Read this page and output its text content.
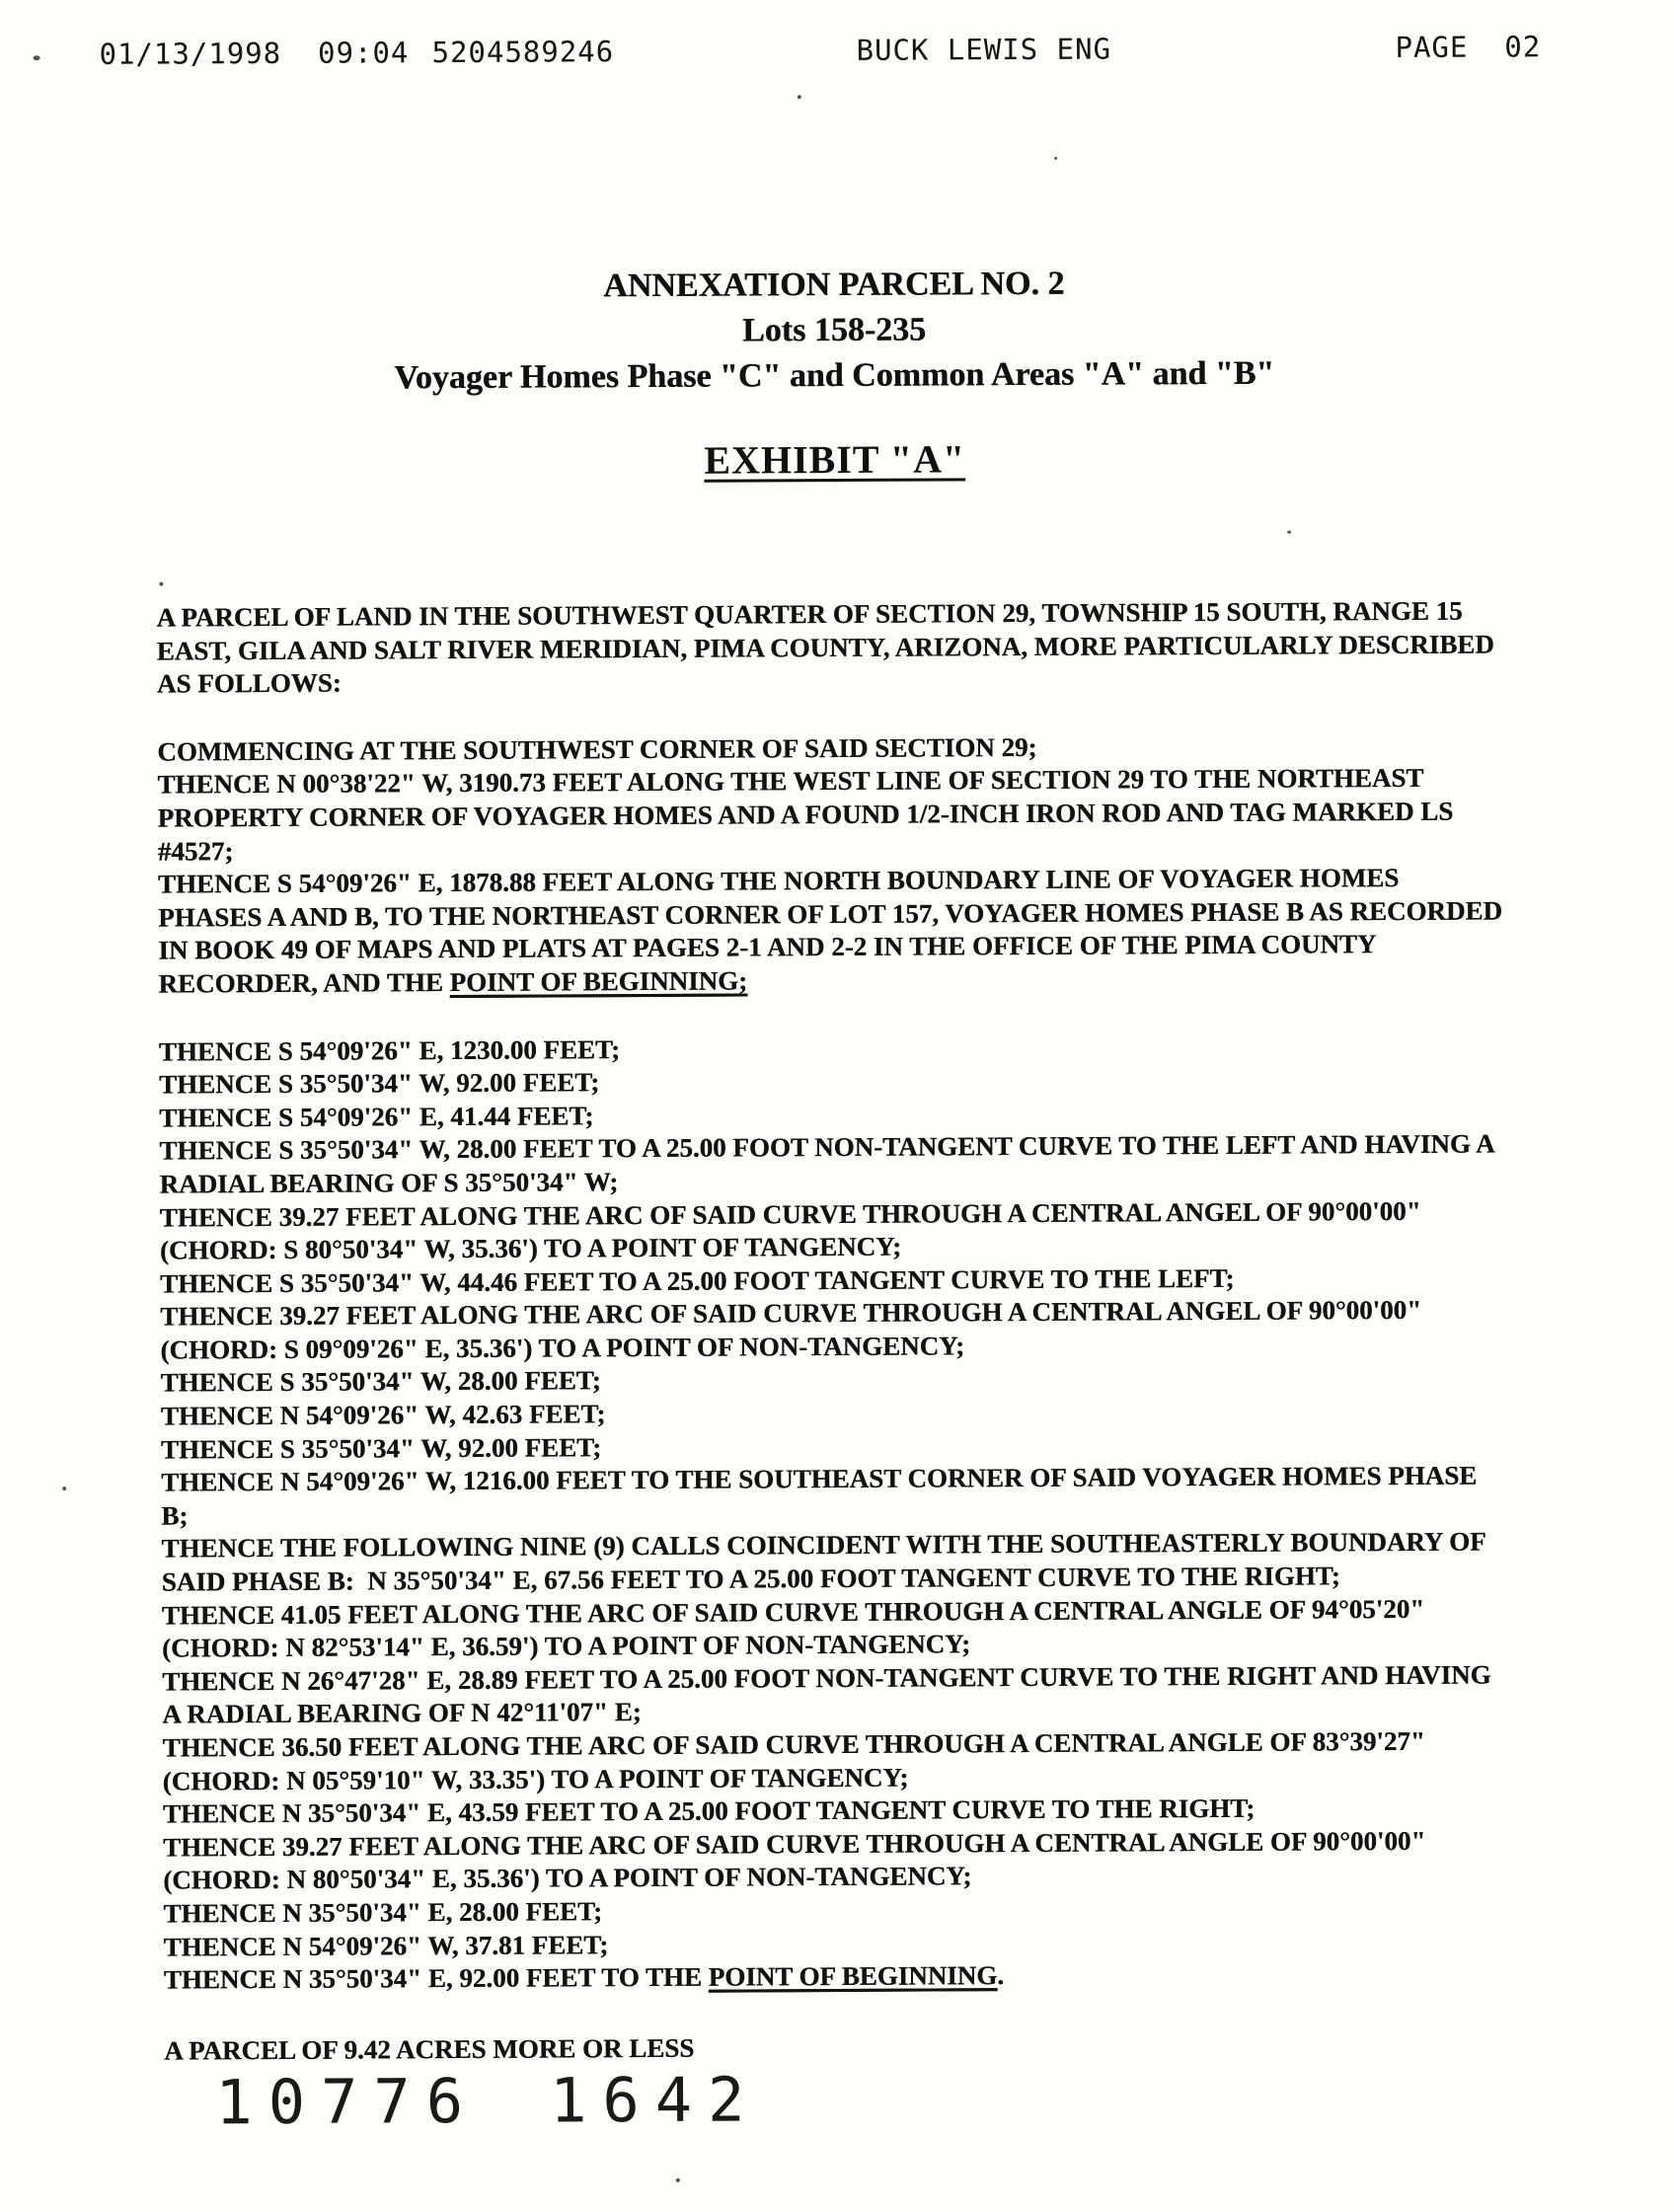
01/13/1998  09:04

5204589246

	BUCK LEWIS ENG

	PAGE  02

ANNEXATION PARCEL NO. 2
Lots 158-235
Voyager Homes Phase "C" and Common Areas "A" and "B"
EXHIBIT "A"
A PARCEL OF LAND IN THE SOUTHWEST QUARTER OF SECTION 29, TOWNSHIP 15 SOUTH, RANGE 15 EAST, GILA AND SALT RIVER MERIDIAN, PIMA COUNTY, ARIZONA, MORE PARTICULARLY DESCRIBED AS FOLLOWS:
COMMENCING AT THE SOUTHWEST CORNER OF SAID SECTION 29;
THENCE N 00°38'22" W, 3190.73 FEET ALONG THE WEST LINE OF SECTION 29 TO THE NORTHEAST PROPERTY CORNER OF VOYAGER HOMES AND A FOUND 1/2-INCH IRON ROD AND TAG MARKED LS #4527;
THENCE S 54°09'26" E, 1878.88 FEET ALONG THE NORTH BOUNDARY LINE OF VOYAGER HOMES PHASES A AND B, TO THE NORTHEAST CORNER OF LOT 157, VOYAGER HOMES PHASE B AS RECORDED IN BOOK 49 OF MAPS AND PLATS AT PAGES 2-1 AND 2-2 IN THE OFFICE OF THE PIMA COUNTY RECORDER, AND THE POINT OF BEGINNING;
THENCE S 54°09'26" E, 1230.00 FEET;
THENCE S 35°50'34" W, 92.00 FEET;
THENCE S 54°09'26" E, 41.44 FEET;
THENCE S 35°50'34" W, 28.00 FEET TO A 25.00 FOOT NON-TANGENT CURVE TO THE LEFT AND HAVING A RADIAL BEARING OF S 35°50'34" W;
THENCE 39.27 FEET ALONG THE ARC OF SAID CURVE THROUGH A CENTRAL ANGEL OF 90°00'00" (CHORD: S 80°50'34" W, 35.36') TO A POINT OF TANGENCY;
THENCE S 35°50'34" W, 44.46 FEET TO A 25.00 FOOT TANGENT CURVE TO THE LEFT;
THENCE 39.27 FEET ALONG THE ARC OF SAID CURVE THROUGH A CENTRAL ANGEL OF 90°00'00" (CHORD: S 09°09'26" E, 35.36') TO A POINT OF NON-TANGENCY;
THENCE S 35°50'34" W, 28.00 FEET;
THENCE N 54°09'26" W, 42.63 FEET;
THENCE S 35°50'34" W, 92.00 FEET;
THENCE N 54°09'26" W, 1216.00 FEET TO THE SOUTHEAST CORNER OF SAID VOYAGER HOMES PHASE B;
THENCE THE FOLLOWING NINE (9) CALLS COINCIDENT WITH THE SOUTHEASTERLY BOUNDARY OF SAID PHASE B:  N 35°50'34" E, 67.56 FEET TO A 25.00 FOOT TANGENT CURVE TO THE RIGHT;
THENCE 41.05 FEET ALONG THE ARC OF SAID CURVE THROUGH A CENTRAL ANGLE OF 94°05'20" (CHORD: N 82°53'14" E, 36.59') TO A POINT OF NON-TANGENCY;
THENCE N 26°47'28" E, 28.89 FEET TO A 25.00 FOOT NON-TANGENT CURVE TO THE RIGHT AND HAVING A RADIAL BEARING OF N 42°11'07" E;
THENCE 36.50 FEET ALONG THE ARC OF SAID CURVE THROUGH A CENTRAL ANGLE OF 83°39'27" (CHORD: N 05°59'10" W, 33.35') TO A POINT OF TANGENCY;
THENCE N 35°50'34" E, 43.59 FEET TO A 25.00 FOOT TANGENT CURVE TO THE RIGHT;
THENCE 39.27 FEET ALONG THE ARC OF SAID CURVE THROUGH A CENTRAL ANGLE OF 90°00'00" (CHORD: N 80°50'34" E, 35.36') TO A POINT OF NON-TANGENCY;
THENCE N 35°50'34" E, 28.00 FEET;
THENCE N 54°09'26" W, 37.81 FEET;
THENCE N 35°50'34" E, 92.00 FEET TO THE POINT OF BEGINNING.
A PARCEL OF 9.42 ACRES MORE OR LESS
10776 1642
